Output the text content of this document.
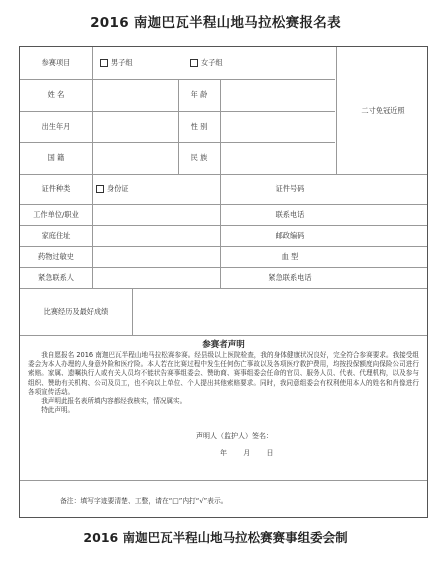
2016 南迦巴瓦半程山地马拉松赛报名表
参赛项目	男子组	女子组
二寸免冠近照
姓 名	年 龄
出生年月	性 别
国 籍	民 族
证件种类	身份证	证件号码
工作单位/职业	联系电话
家庭住址	邮政编码
药物过敏史	血 型
紧急联系人	紧急联系电话
比赛经历及最好成绩
参赛者声明

我自愿报名 2016 南迦巴瓦半程山地马拉松赛参赛。经县级以上医院检查，我的身体健康状况良好，完全符合参赛要求。我接受组委会为本人办理的人身意外险和医疗险。本人若在比赛过程中发生任何伤亡事故以及各项医疗救护费用，均按投保额度向保险公司进行索赔。家属、遗嘱执行人或有关人员均不能状告赛事组委会、赞助商、赛事组委会任命的官员、服务人员、代表、代理机构，以及参与组织、赞助有关机构、公司及员工，也不向以上单位、个人提出其他索赔要求。同时，我同意组委会有权利使用本人的姓名和肖像进行各项宣传活动。

我声明此报名表所填内容都经我核实，情况属实。

特此声明。

声明人（监护人）签名：
年 月 日
备注：填写字迹要清楚、工整，请在“□”内打“√”表示。
2016 南迦巴瓦半程山地马拉松赛赛事组委会制
